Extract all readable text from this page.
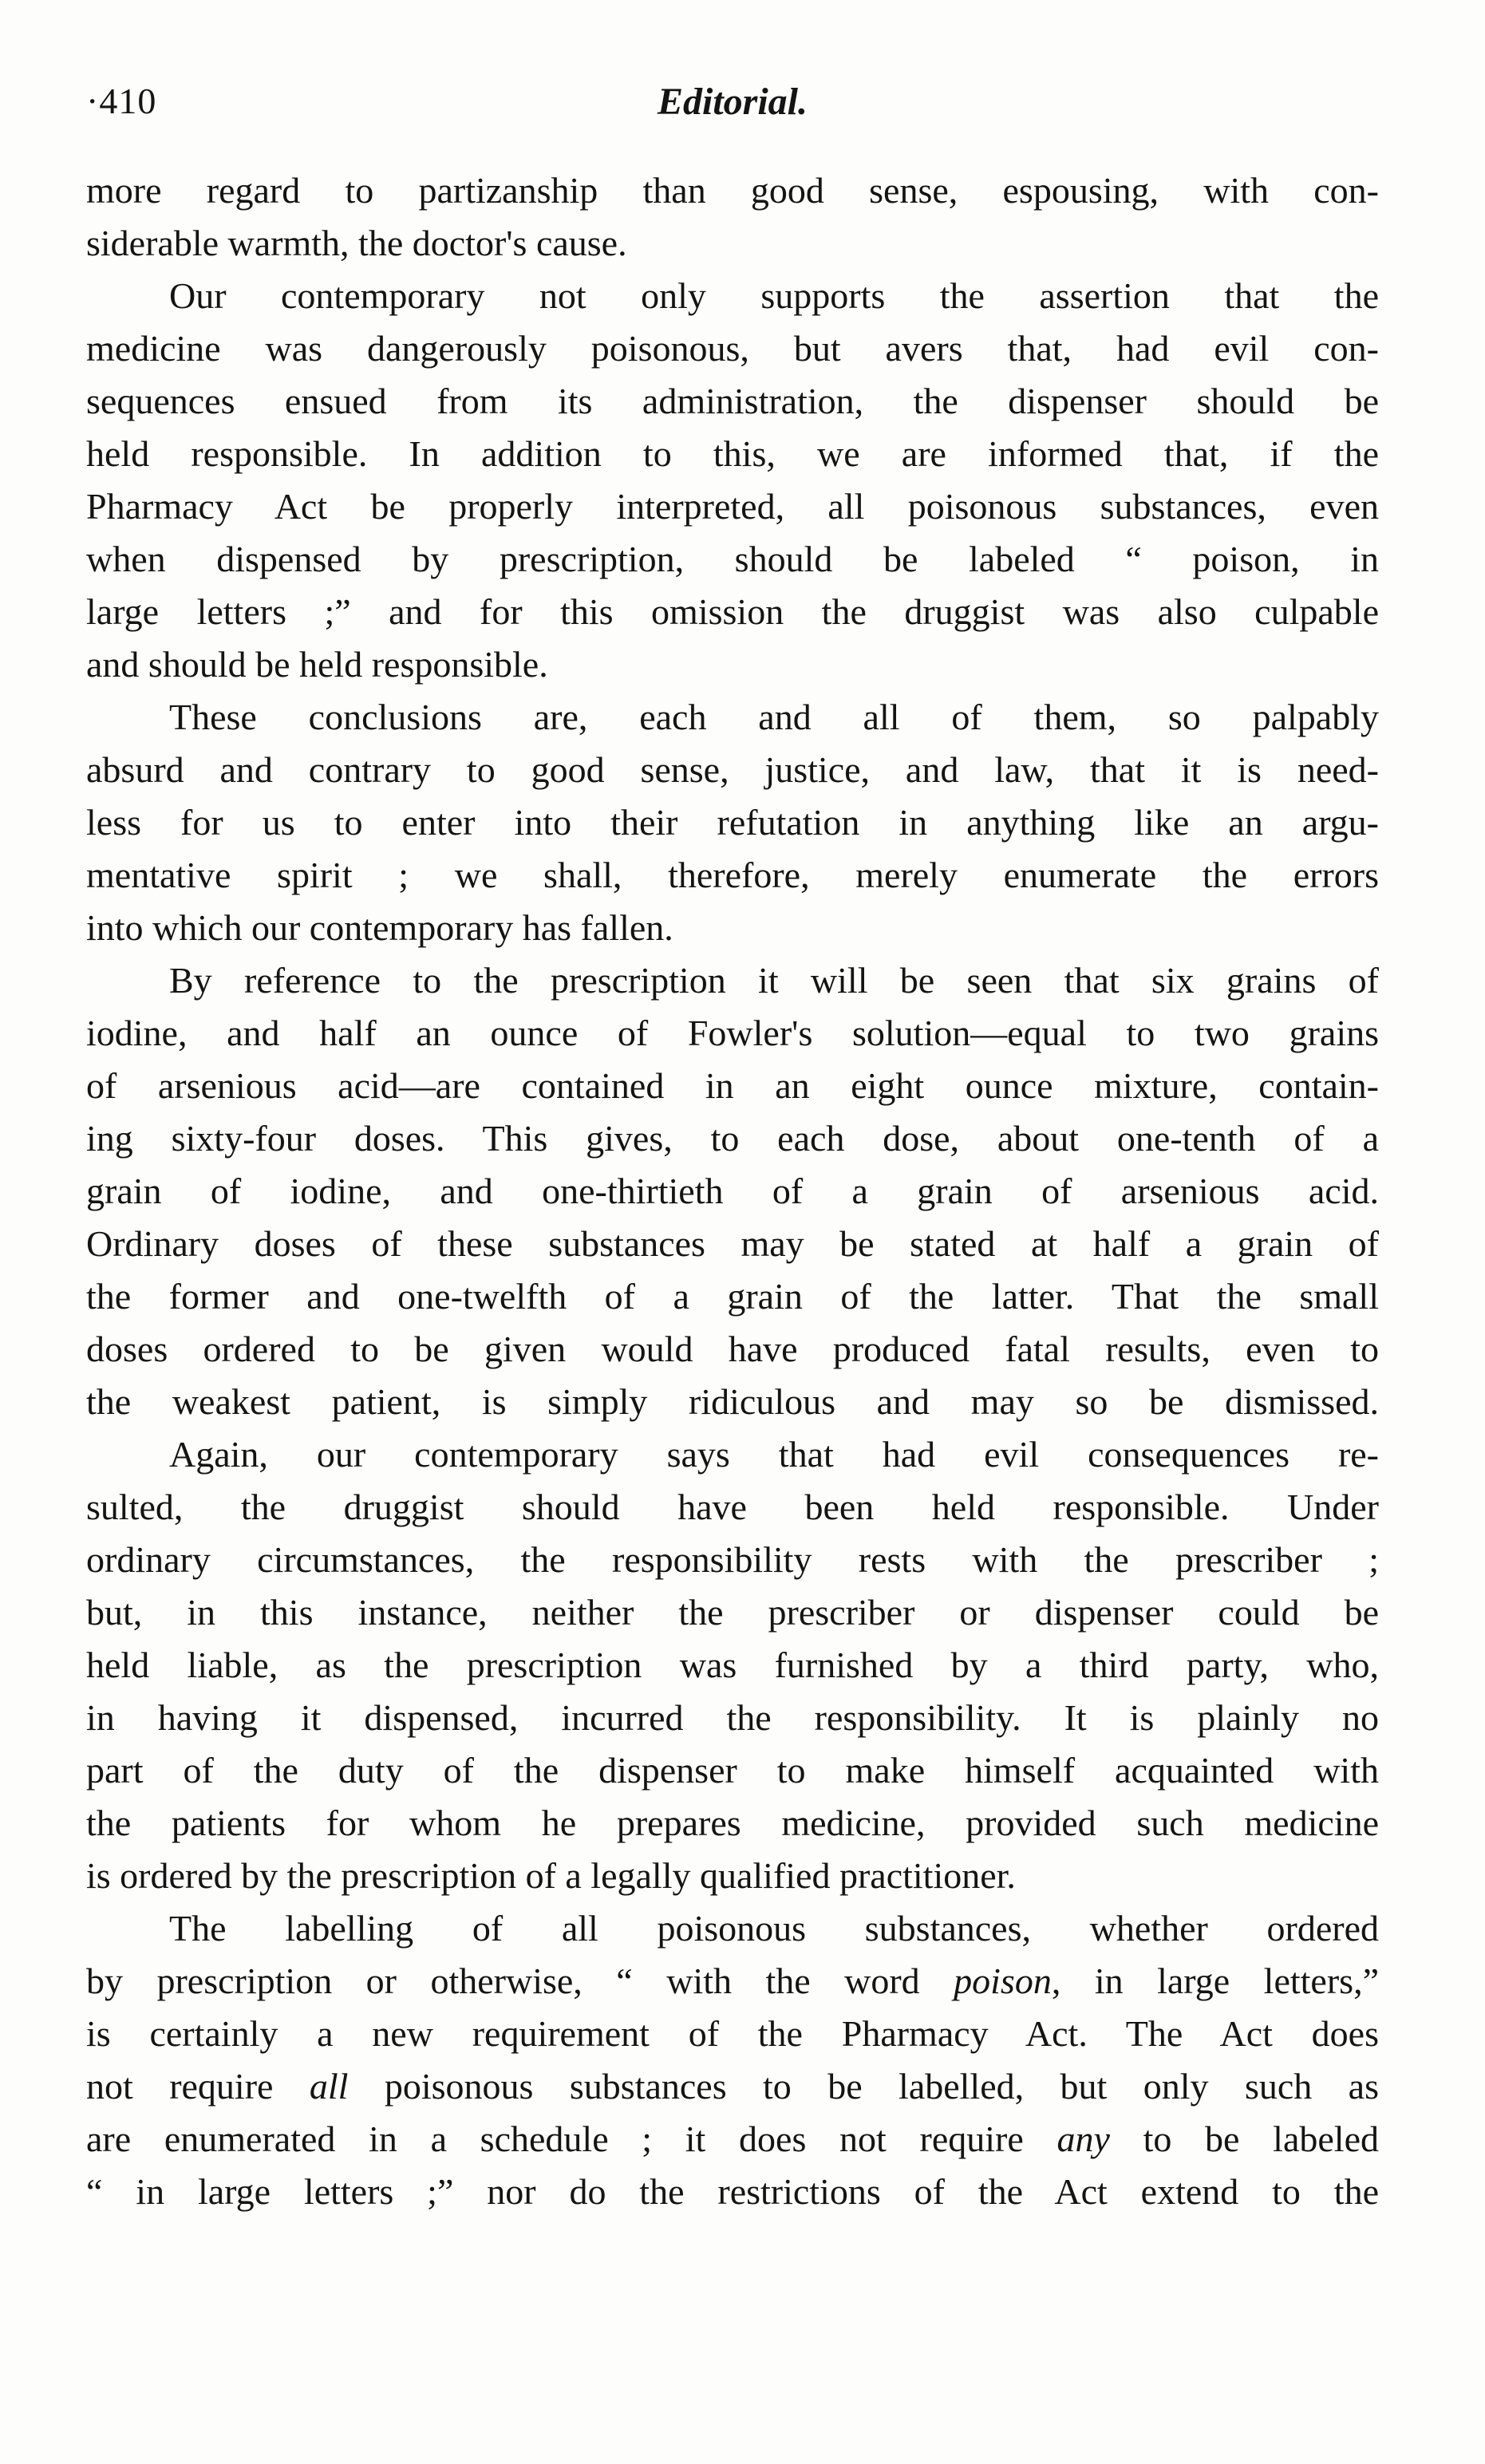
·410	Editorial.
more regard to partizanship than good sense, espousing, with con-
siderable warmth, the doctor's cause.
Our contemporary not only supports the assertion that the
medicine was dangerously poisonous, but avers that, had evil con-
sequences ensued from its administration, the dispenser should be
held responsible. In addition to this, we are informed that, if the
Pharmacy Act be properly interpreted, all poisonous substances, even
when dispensed by prescription, should be labeled “ poison, in
large letters ;” and for this omission the druggist was also culpable
and should be held responsible.
These conclusions are, each and all of them, so palpably
absurd and contrary to good sense, justice, and law, that it is need-
less for us to enter into their refutation in anything like an argu-
mentative spirit ; we shall, therefore, merely enumerate the errors
into which our contemporary has fallen.
By reference to the prescription it will be seen that six grains of
iodine, and half an ounce of Fowler's solution—equal to two grains
of arsenious acid—are contained in an eight ounce mixture, contain-
ing sixty-four doses. This gives, to each dose, about one-tenth of a
grain of iodine, and one-thirtieth of a grain of arsenious acid.
Ordinary doses of these substances may be stated at half a grain of
the former and one-twelfth of a grain of the latter. That the small
doses ordered to be given would have produced fatal results, even to
the weakest patient, is simply ridiculous and may so be dismissed.
Again, our contemporary says that had evil consequences re-
sulted, the druggist should have been held responsible. Under
ordinary circumstances, the responsibility rests with the prescriber ;
but, in this instance, neither the prescriber or dispenser could be
held liable, as the prescription was furnished by a third party, who,
in having it dispensed, incurred the responsibility. It is plainly no
part of the duty of the dispenser to make himself acquainted with
the patients for whom he prepares medicine, provided such medicine
is ordered by the prescription of a legally qualified practitioner.
The labelling of all poisonous substances, whether ordered
by prescription or otherwise, “ with the word poison, in large letters,”
is certainly a new requirement of the Pharmacy Act. The Act does
not require all poisonous substances to be labelled, but only such as
are enumerated in a schedule ; it does not require any to be labeled
“ in large letters ;” nor do the restrictions of the Act extend to the
